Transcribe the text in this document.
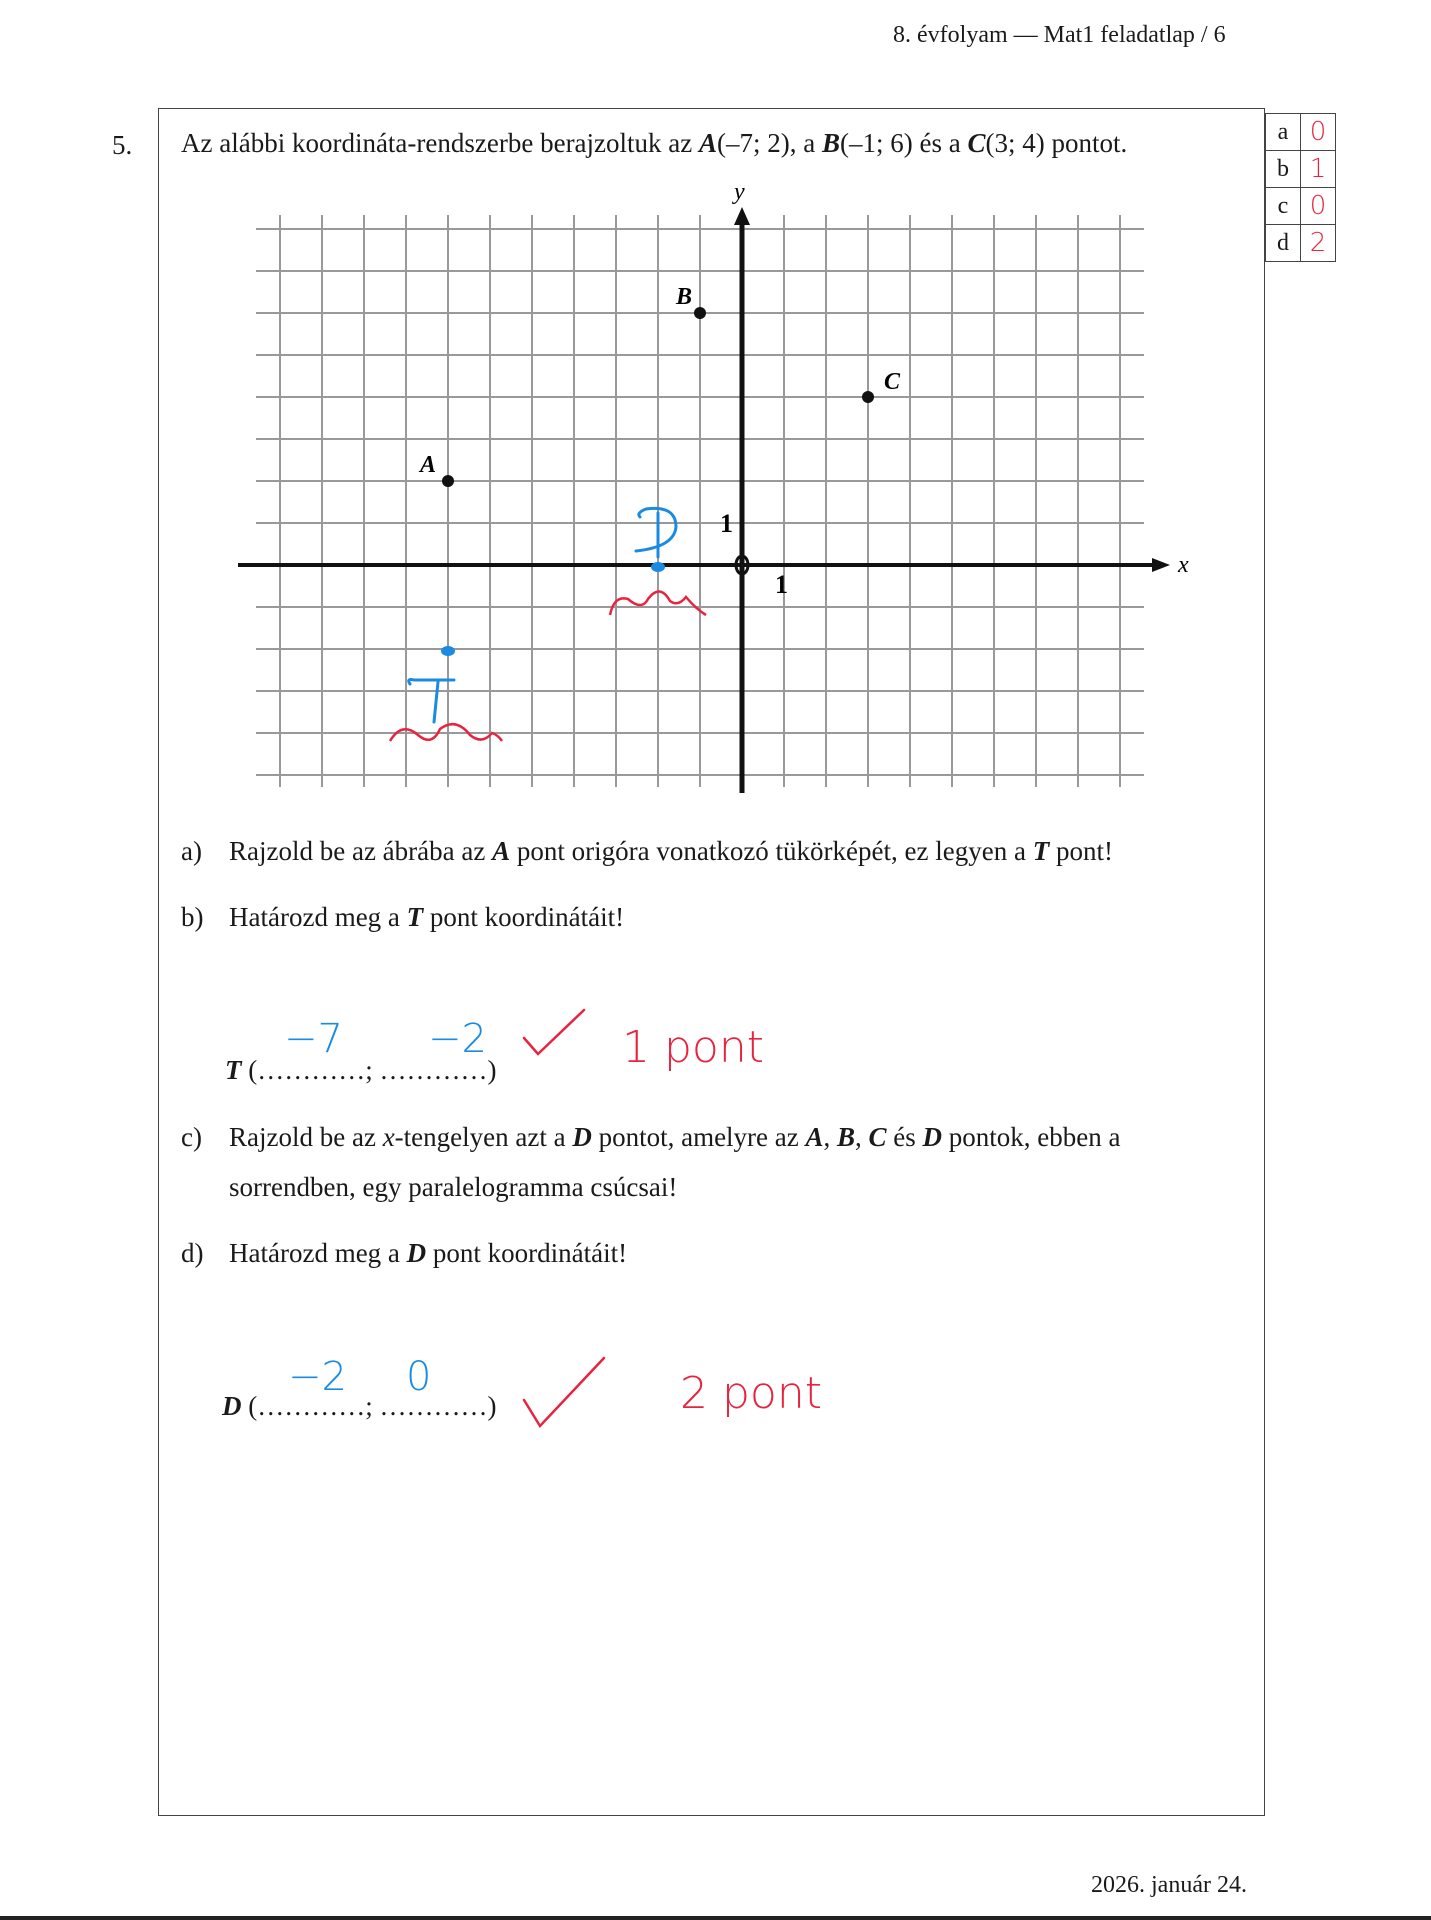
8. évfolyam — Mat1 feladatlap / 6
5. Az alábbi koordináta-rendszerbe berajzoltuk az A(–7; 2), a B(–1; 6) és a C(3; 4) pontot.	a	0
b	1
c	0
d	2
x
y
1
1
A
B
C
a) Rajzold be az ábrába az A pont origóra vonatkozó tükörképét, ez legyen a T pont!
b) Határozd meg a T pont koordinátáit!
T (…………; …………)
−7 −2	1 pont
c) Rajzold be az x-tengelyen azt a D pontot, amelyre az A, B, C és D pontok, ebben a
sorrendben, egy paralelogramma csúcsai!
d) Határozd meg a D pont koordinátáit!
D (…………; …………)
−2 0	2 pont
2026. január 24.
